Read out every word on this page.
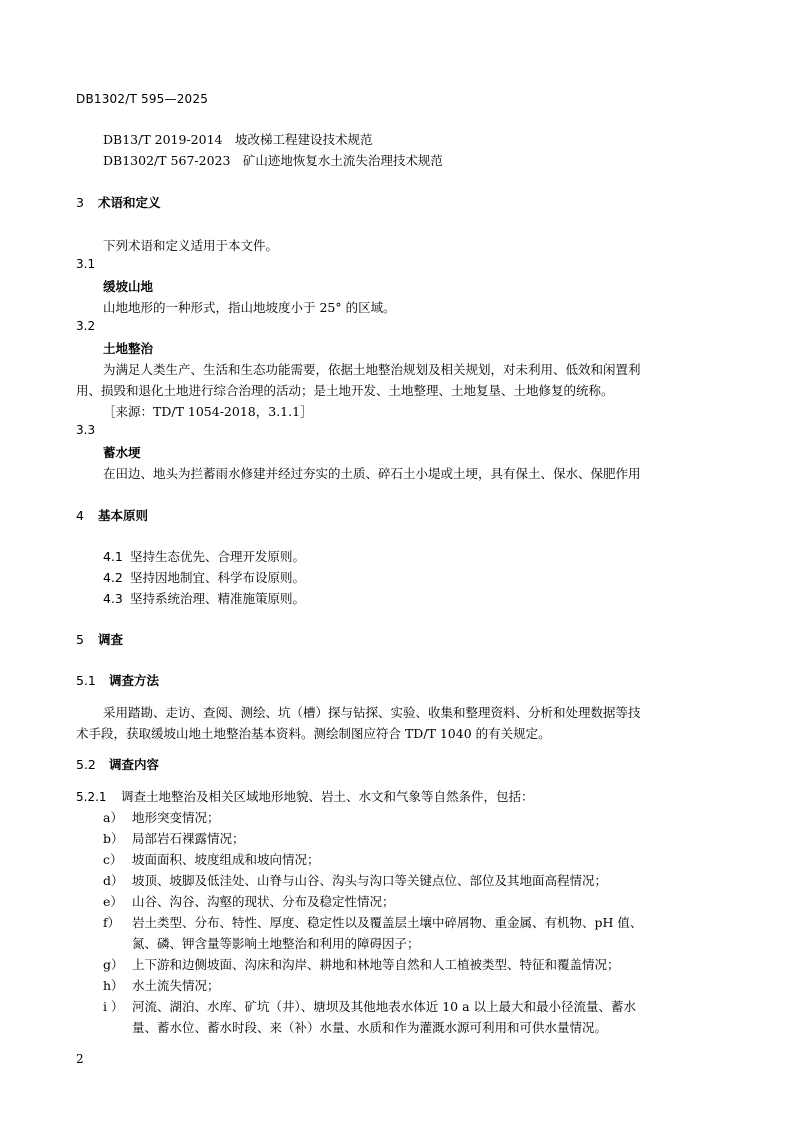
DB1302/T 595—2025
DB13/T 2019-2014　坡改梯工程建设技术规范
DB1302/T 567-2023　矿山迹地恢复水土流失治理技术规范
3 术语和定义
下列术语和定义适用于本文件。
3.1
缓坡山地
山地地形的一种形式，指山地坡度小于 25° 的区域。
3.2
土地整治
为满足人类生产、生活和生态功能需要，依据土地整治规划及相关规划，对未利用、低效和闲置利
用、损毁和退化土地进行综合治理的活动；是土地开发、土地整理、土地复垦、土地修复的统称。
［来源：TD/T 1054-2018，3.1.1］
3.3
蓄水埂
在田边、地头为拦蓄雨水修建并经过夯实的土质、碎石土小堤或土埂，具有保土、保水、保肥作用
4 基本原则
4.1 坚持生态优先、合理开发原则。
4.2 坚持因地制宜、科学布设原则。
4.3 坚持系统治理、精准施策原则。
5 调查
5.1 调查方法
采用踏勘、走访、查阅、测绘、坑（槽）探与钻探、实验、收集和整理资料、分析和处理数据等技
术手段，获取缓坡山地土地整治基本资料。测绘制图应符合 TD/T 1040 的有关规定。
5.2 调查内容
5.2.1 调查土地整治及相关区域地形地貌、岩土、水文和气象等自然条件，包括：
a） 地形突变情况；
b） 局部岩石裸露情况；
c） 坡面面积、坡度组成和坡向情况；
d） 坡顶、坡脚及低洼处、山脊与山谷、沟头与沟口等关键点位、部位及其地面高程情况；
e） 山谷、沟谷、沟壑的现状、分布及稳定性情况；
f） 岩土类型、分布、特性、厚度、稳定性以及覆盖层土壤中碎屑物、重金属、有机物、pH 值、
氮、磷、钾含量等影响土地整治和利用的障碍因子；
g） 上下游和边侧坡面、沟床和沟岸、耕地和林地等自然和人工植被类型、特征和覆盖情况；
h） 水土流失情况；
i ） 河流、湖泊、水库、矿坑（井）、塘坝及其他地表水体近 10 a 以上最大和最小径流量、蓄水
量、蓄水位、蓄水时段、来（补）水量、水质和作为灌溉水源可利用和可供水量情况。
2
